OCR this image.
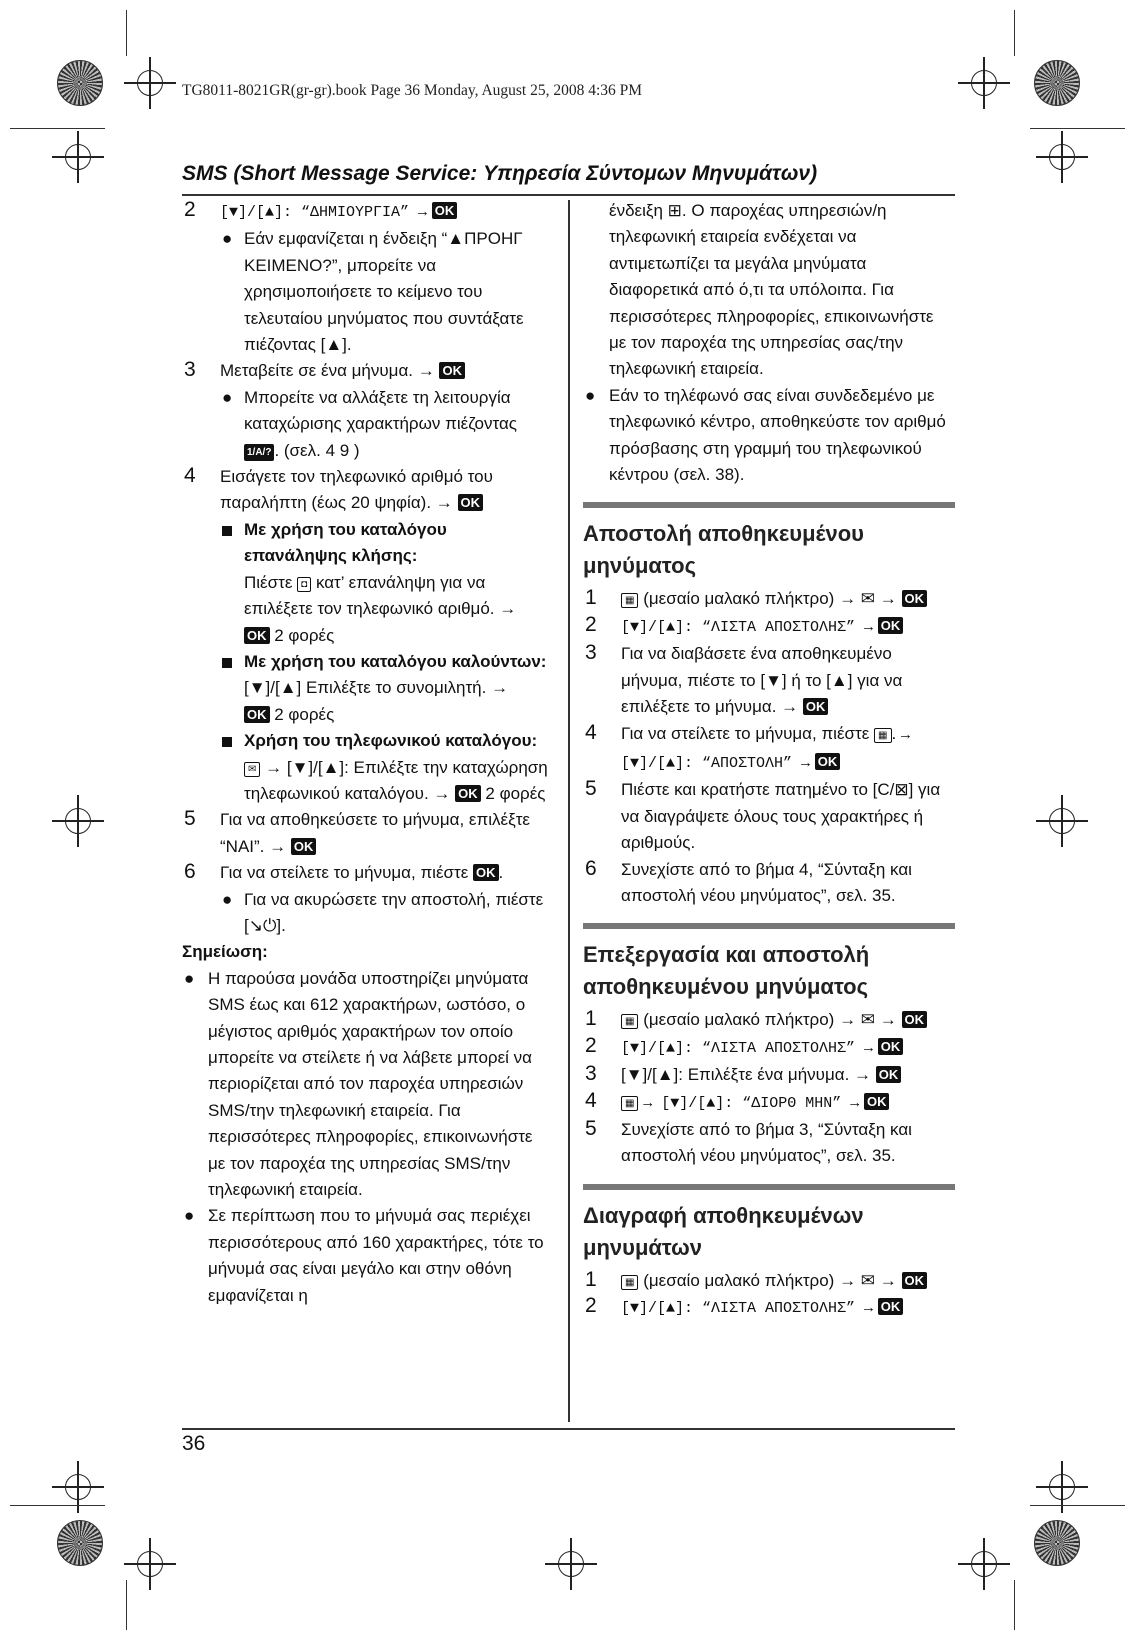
TG8011-8021GR(gr-gr).book Page 36 Monday, August 25, 2008 4:36 PM
SMS (Short Message Service: Υπηρεσία Σύντομων Μηνυμάτων)
2 [▼]/[▲]: “ΔΗΜΙΟΥΡΓΙΑ” → OK
● Εάν εμφανίζεται η ένδειξη “▲ΠΡΟΗΓ ΚΕΙΜΕΝΟ?”, μπορείτε να χρησιμοποιήσετε το κείμενο του τελευταίου μηνύματος που συντάξατε πιέζοντας [▲].
3 Μεταβείτε σε ένα μήνυμα. → OK
● Μπορείτε να αλλάξετε τη λειτουργία καταχώρισης χαρακτήρων πιέζοντας 1/A/? . (σελ. 4 9 )
4 Εισάγετε τον τηλεφωνικό αριθμό του παραλήπτη (έως 20 ψηφία). → OK
Με χρήση του καταλόγου επανάληψης κλήσης:
Πιέστε ◘ κατ’ επανάληψη για να επιλέξετε τον τηλεφωνικό αριθμό. →
OK 2 φορές
Με χρήση του καταλόγου καλούντων:
[▼]/[▲] Επιλέξτε το συνομιλητή. →
OK 2 φορές
Χρήση του τηλεφωνικού καταλόγου:
✉ → [▼]/[▲]: Επιλέξτε την καταχώρηση τηλεφωνικού καταλόγου. → OK 2 φορές
5 Για να αποθηκεύσετε το μήνυμα, επιλέξτε “ΝΑΙ”. → OK
6 Για να στείλετε το μήνυμα, πιέστε OK .
● Για να ακυρώσετε την αποστολή, πιέστε [↘⏻].
Σημείωση:
● Η παρούσα μονάδα υποστηρίζει μηνύματα SMS έως και 612 χαρακτήρων, ωστόσο, ο μέγιστος αριθμός χαρακτήρων τον οποίο μπορείτε να στείλετε ή να λάβετε μπορεί να περιορίζεται από τον παροχέα υπηρεσιών SMS/την τηλεφωνική εταιρεία. Για περισσότερες πληροφορίες, επικοινωνήστε με τον παροχέα της υπηρεσίας SMS/την τηλεφωνική εταιρεία.
● Σε περίπτωση που το μήνυμά σας περιέχει περισσότερους από 160 χαρακτήρες, τότε το μήνυμά σας είναι μεγάλο και στην οθόνη εμφανίζεται η
ένδειξη ⊞. Ο παροχέας υπηρεσιών/η τηλεφωνική εταιρεία ενδέχεται να αντιμετωπίζει τα μεγάλα μηνύματα διαφορετικά από ό,τι τα υπόλοιπα. Για περισσότερες πληροφορίες, επικοινωνήστε με τον παροχέα της υπηρεσίας σας/την τηλεφωνική εταιρεία.
● Εάν το τηλέφωνό σας είναι συνδεδεμένο με τηλεφωνικό κέντρο, αποθηκεύστε τον αριθμό πρόσβασης στη γραμμή του τηλεφωνικού κέντρου (σελ. 38).
Αποστολή αποθηκευμένου μηνύματος
1	▦ (μεσαίο μαλακό πλήκτρο) → ✉ → OK
2 [▼]/[▲]: “ΛΙΣΤΑ ΑΠΟΣΤΟΛΗΣ” → OK
3 Για να διαβάσετε ένα αποθηκευμένο μήνυμα, πιέστε το [▼] ή το [▲] για να επιλέξετε το μήνυμα. → OK
4 Για να στείλετε το μήνυμα, πιέστε ▦ . → [▼]/[▲]: “ΑΠΟΣΤΟΛΗ” → OK
5 Πιέστε και κρατήστε πατημένο το [C/⊠] για να διαγράψετε όλους τους χαρακτήρες ή αριθμούς.
6 Συνεχίστε από το βήμα 4, “Σύνταξη και αποστολή νέου μηνύματος”, σελ. 35.
Επεξεργασία και αποστολή αποθηκευμένου μηνύματος
1	▦ (μεσαίο μαλακό πλήκτρο) → ✉ → OK
2 [▼]/[▲]: “ΛΙΣΤΑ ΑΠΟΣΤΟΛΗΣ” → OK
3 [▼]/[▲]: Επιλέξτε ένα μήνυμα. → OK
4	▦ → [▼]/[▲]: “ΔΙΟΡΘ ΜΗΝ” → OK
5 Συνεχίστε από το βήμα 3, “Σύνταξη και αποστολή νέου μηνύματος”, σελ. 35.
Διαγραφή αποθηκευμένων μηνυμάτων
1	▦ (μεσαίο μαλακό πλήκτρο) → ✉ → OK
2 [▼]/[▲]: “ΛΙΣΤΑ ΑΠΟΣΤΟΛΗΣ” → OK
36
